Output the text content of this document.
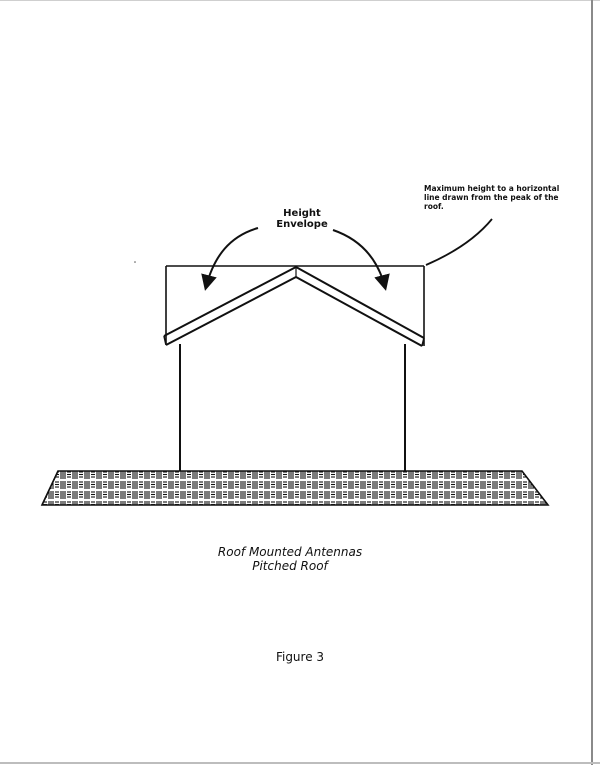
Height
Envelope
Maximum height to a horizontal line drawn from the peak of the roof.
Roof Mounted Antennas
Pitched Roof
Figure 3
